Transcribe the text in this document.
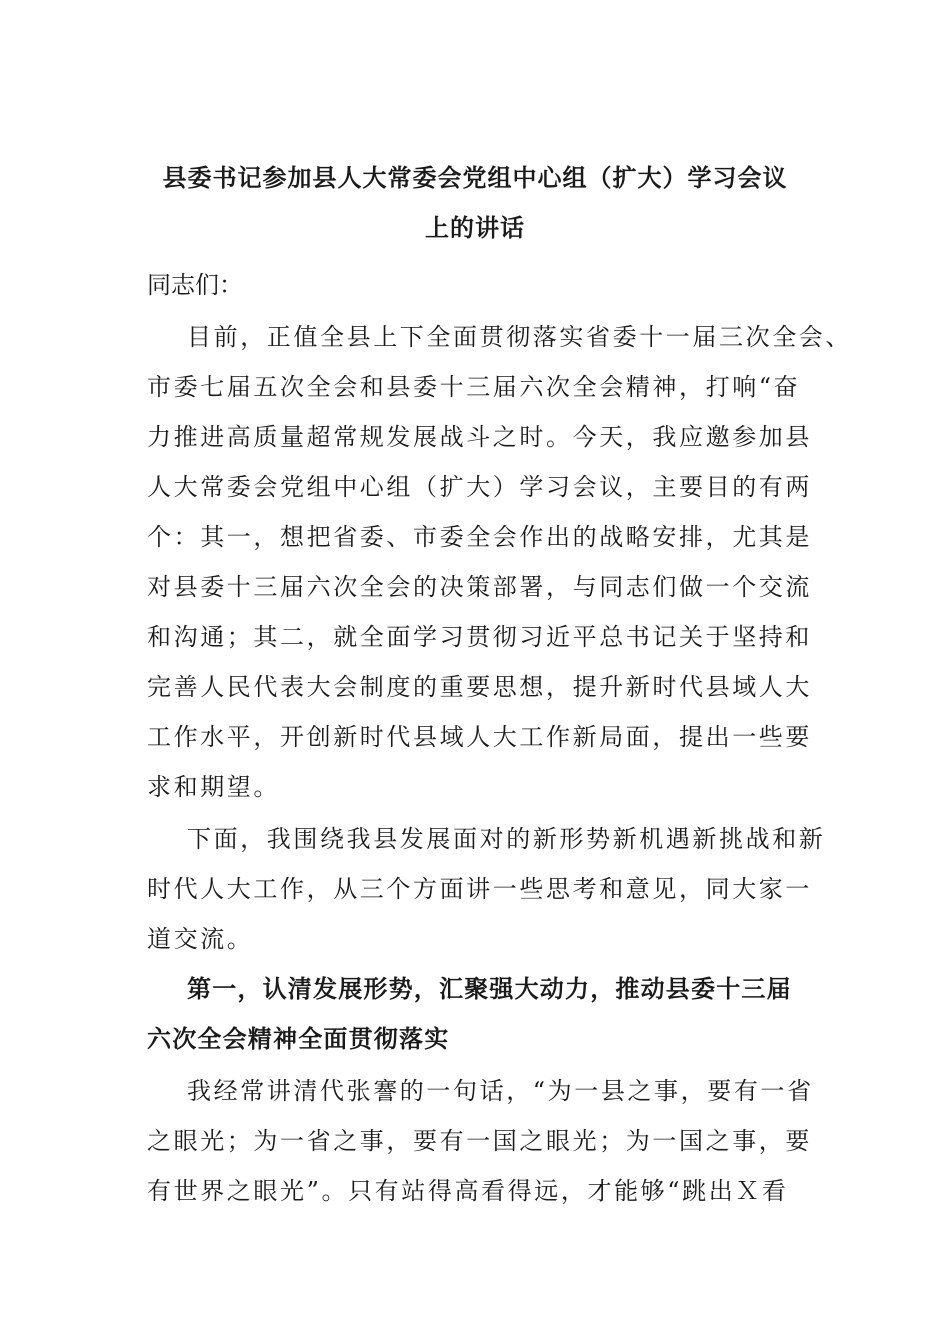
县委书记参加县人大常委会党组中心组（扩大）学习会议
上的讲话
同志们：
目前，正值全县上下全面贯彻落实省委十一届三次全会、
市委七届五次全会和县委十三届六次全会精神，打响“奋
力推进高质量超常规发展战斗之时。今天，我应邀参加县
人大常委会党组中心组（扩大）学习会议，主要目的有两
个：其一，想把省委、市委全会作出的战略安排，尤其是
对县委十三届六次全会的决策部署，与同志们做一个交流
和沟通；其二，就全面学习贯彻习近平总书记关于坚持和
完善人民代表大会制度的重要思想，提升新时代县域人大
工作水平，开创新时代县域人大工作新局面，提出一些要
求和期望。
下面，我围绕我县发展面对的新形势新机遇新挑战和新
时代人大工作，从三个方面讲一些思考和意见，同大家一
道交流。
第一，认清发展形势，汇聚强大动力，推动县委十三届
六次全会精神全面贯彻落实
我经常讲清代张謇的一句话，“为一县之事，要有一省
之眼光；为一省之事，要有一国之眼光；为一国之事，要
有世界之眼光”。只有站得高看得远，才能够“跳出Ｘ看
